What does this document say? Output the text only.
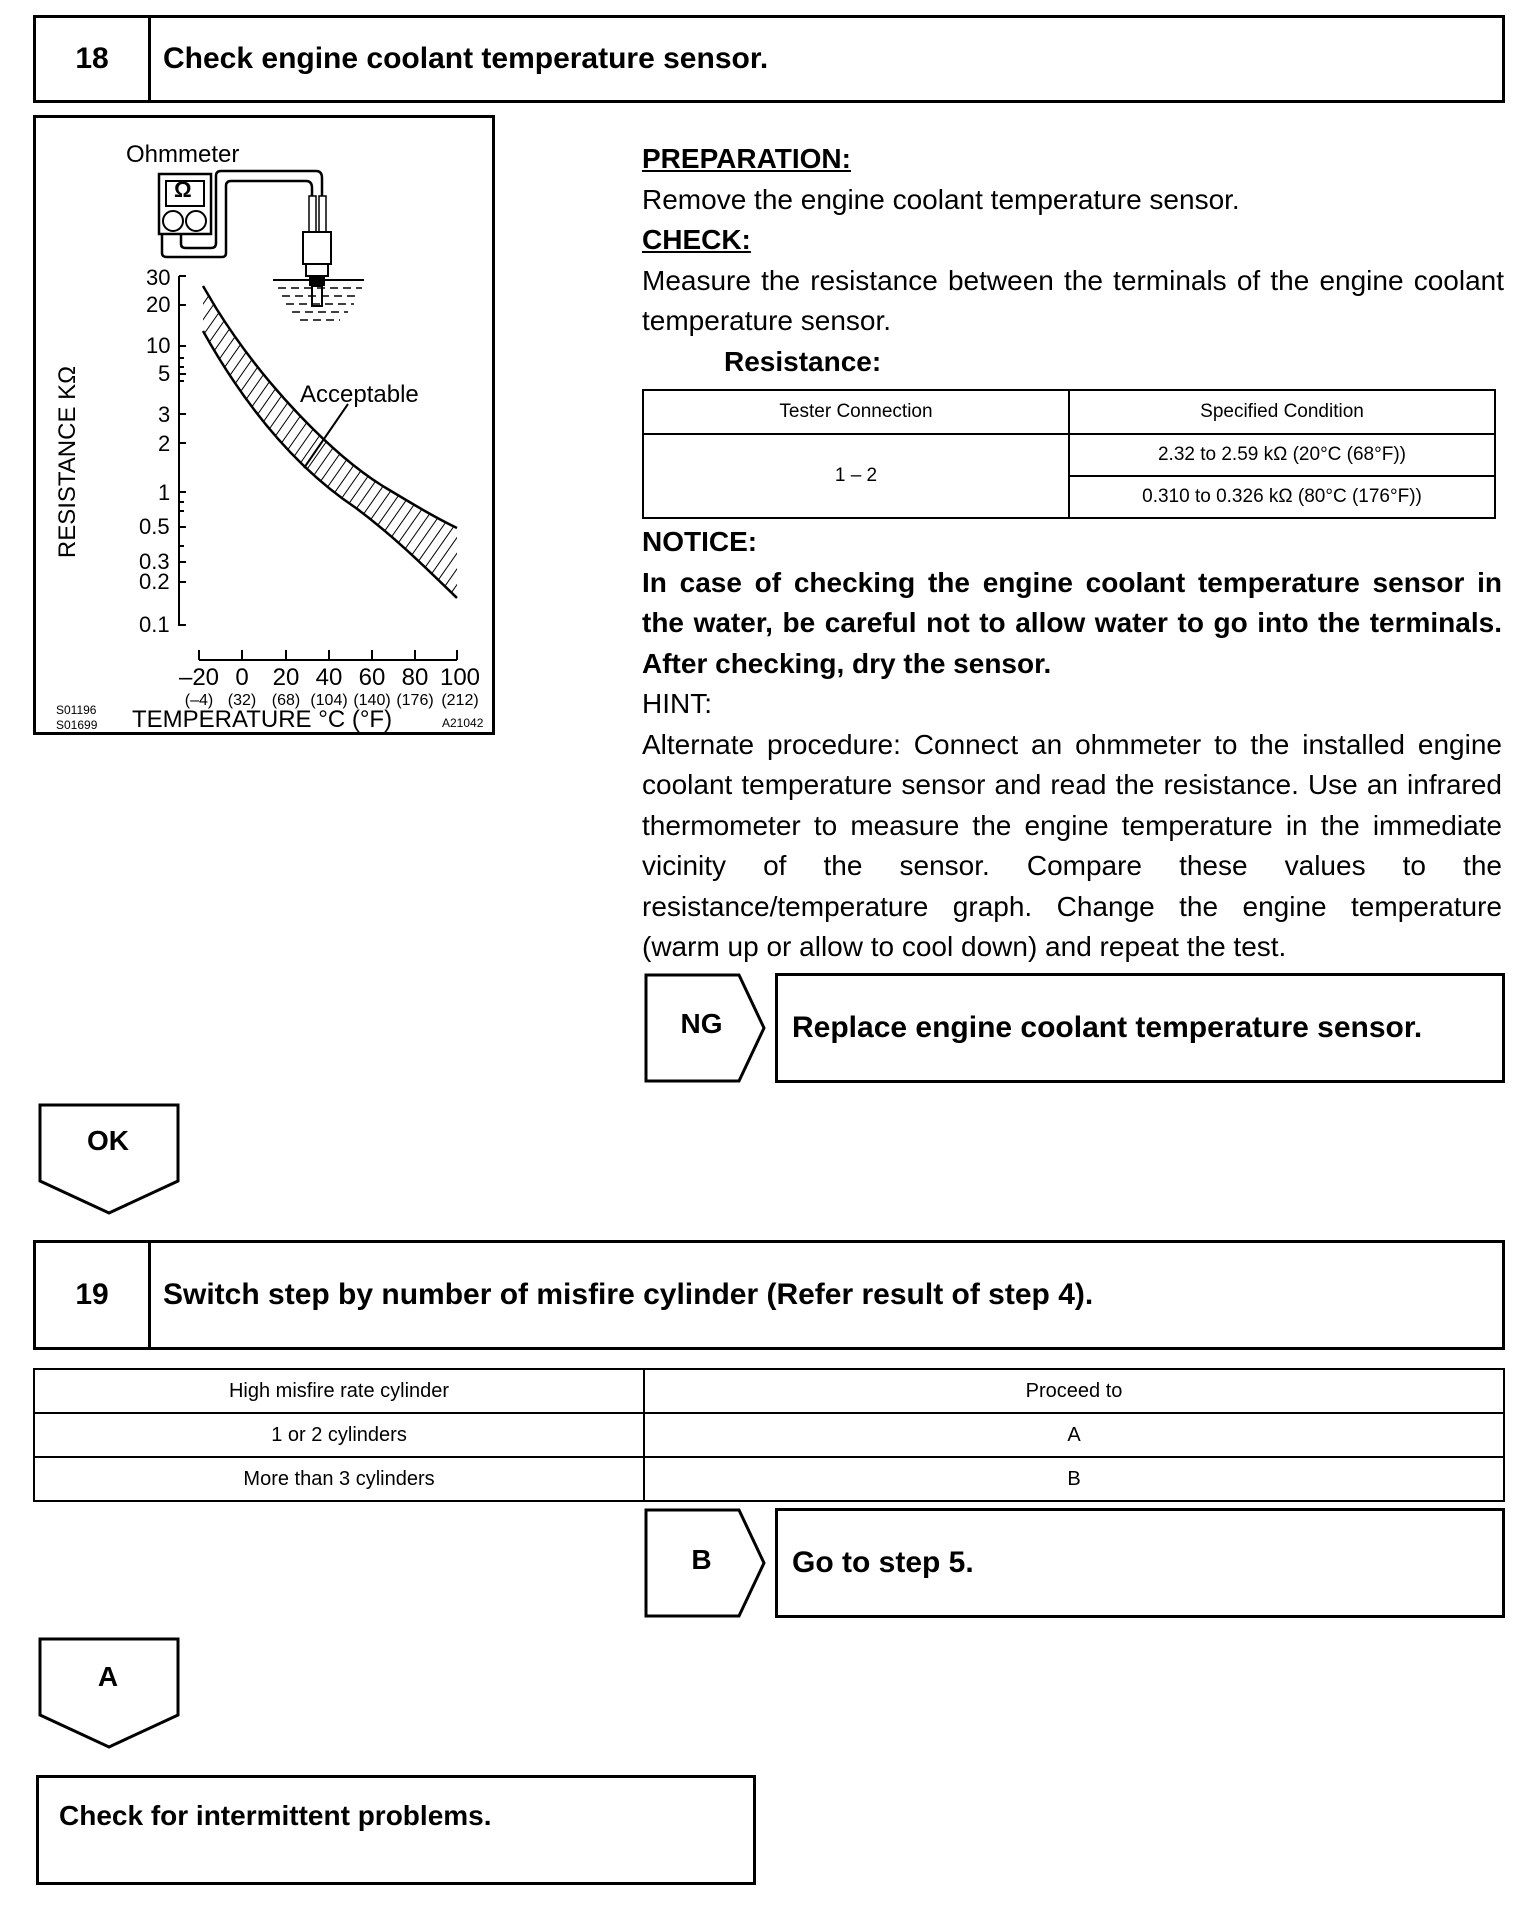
18	Check engine coolant temperature sensor.
Ohmmeter
Ω
Acceptable
RESISTANCE KΩ
30
20
10
5
3
2
1
0.5
0.3
0.2
0.1
–20 0 20 40 60 80 100
(–4) (32) (68) (104) (140) (176) (212)
TEMPERATURE °C (°F)
S01196
S01699	A21042
PREPARATION:
Remove the engine coolant temperature sensor.
CHECK:
Measure the resistance between the terminals of the engine coolant temperature sensor.
Resistance:
Tester Connection	Specified Condition
1 – 2	2.32 to 2.59 kΩ (20°C (68°F))
	0.310 to 0.326 kΩ (80°C (176°F))
NOTICE:
In case of checking the engine coolant temperature sensor in the water, be careful not to allow water to go into the terminals. After checking, dry the sensor.
HINT:
Alternate procedure: Connect an ohmmeter to the installed engine coolant temperature sensor and read the resistance. Use an infrared thermometer to measure the engine temperature in the immediate vicinity of the sensor. Compare these values to the resistance/temperature graph. Change the engine temperature (warm up or allow to cool down) and repeat the test.
NG	Replace engine coolant temperature sensor.
OK
19	Switch step by number of misfire cylinder (Refer result of step 4).
High misfire rate cylinder	Proceed to
1 or 2 cylinders	A
More than 3 cylinders	B
B	Go to step 5.
A
Check for intermittent problems.
